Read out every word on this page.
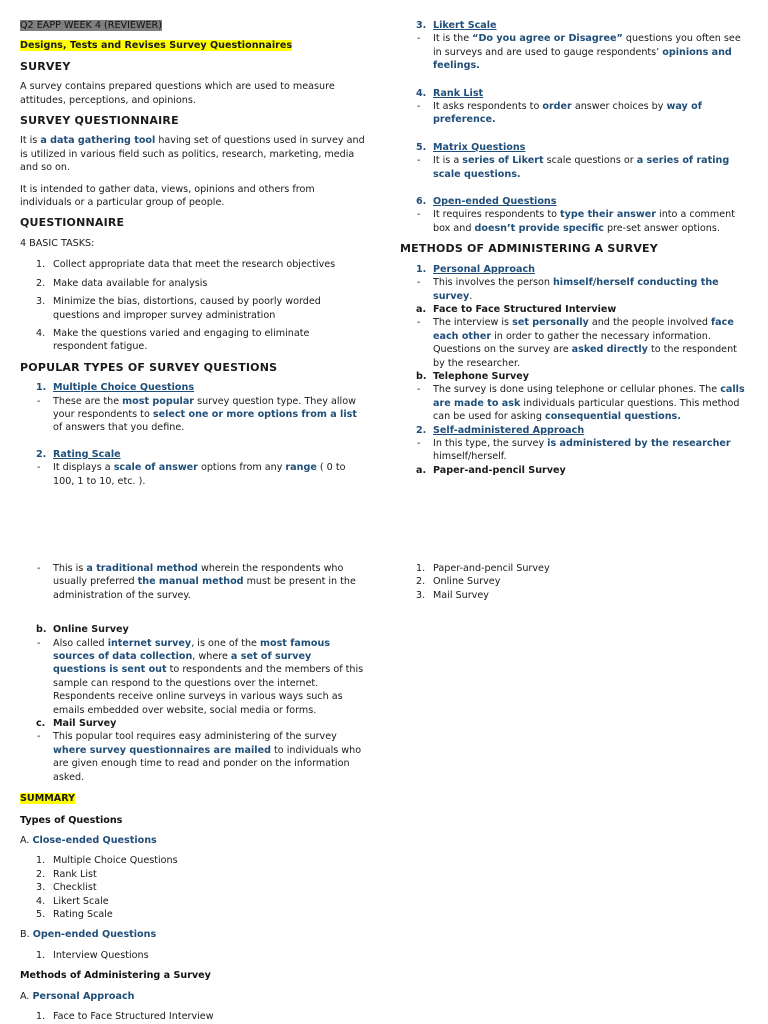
Q2 EAPP WEEK 4 (REVIEWER)

Designs, Tests and Revises Survey Questionnaires

SURVEY

A survey contains prepared questions which are used to measure attitudes, perceptions, and opinions.

SURVEY QUESTIONNAIRE

It is a data gathering tool having set of questions used in survey and is utilized in various field such as politics, research, marketing, media and so on.

It is intended to gather data, views, opinions and others from individuals or a particular group of people.

QUESTIONNAIRE

4 BASIC TASKS:

1. Collect appropriate data that meet the research objectives
2. Make data available for analysis
3. Minimize the bias, distortions, caused by poorly worded questions and improper survey administration
4. Make the questions varied and engaging to eliminate respondent fatigue.
POPULAR TYPES OF SURVEY QUESTIONS
1. Multiple Choice Questions
- These are the most popular survey question type. They allow your respondents to select one or more options from a list of answers that you define.
2. Rating Scale
- It displays a scale of answer options from any range ( 0 to 100, 1 to 10, etc. ).
3. Likert Scale
- It is the “Do you agree or Disagree” questions you often see in surveys and are used to gauge respondents’ opinions and feelings.
4. Rank List
- It asks respondents to order answer choices by way of preference.
5. Matrix Questions
- It is a series of Likert scale questions or a series of rating scale questions.
6. Open-ended Questions
- It requires respondents to type their answer into a comment box and doesn’t provide specific pre-set answer options.
METHODS OF ADMINISTERING A SURVEY
1. Personal Approach
- This involves the person himself/herself conducting the survey.
a. Face to Face Structured Interview
- The interview is set personally and the people involved face each other in order to gather the necessary information. Questions on the survey are asked directly to the respondent by the researcher.
b. Telephone Survey
- The survey is done using telephone or cellular phones. The calls are made to ask individuals particular questions. This method can be used for asking consequential questions.
2. Self-administered Approach
- In this type, the survey is administered by the researcher himself/herself.
a. Paper-and-pencil Survey
- This is a traditional method wherein the respondents who usually preferred the manual method must be present in the administration of the survey.
b. Online Survey
- Also called internet survey, is one of the most famous sources of data collection, where a set of survey questions is sent out to respondents and the members of this sample can respond to the questions over the internet. Respondents receive online surveys in various ways such as emails embedded over website, social media or forms.
c. Mail Survey
- This popular tool requires easy administering of the survey where survey questionnaires are mailed to individuals who are given enough time to read and ponder on the information asked.

SUMMARY

Types of Questions

A. Close-ended Questions

1. Multiple Choice Questions
2. Rank List
3. Checklist
4. Likert Scale
5. Rating Scale

B. Open-ended Questions

1. Interview Questions

Methods of Administering a Survey

A. Personal Approach

1. Face to Face Structured Interview
1. Paper-and-pencil Survey
2. Online Survey
3. Mail Survey
